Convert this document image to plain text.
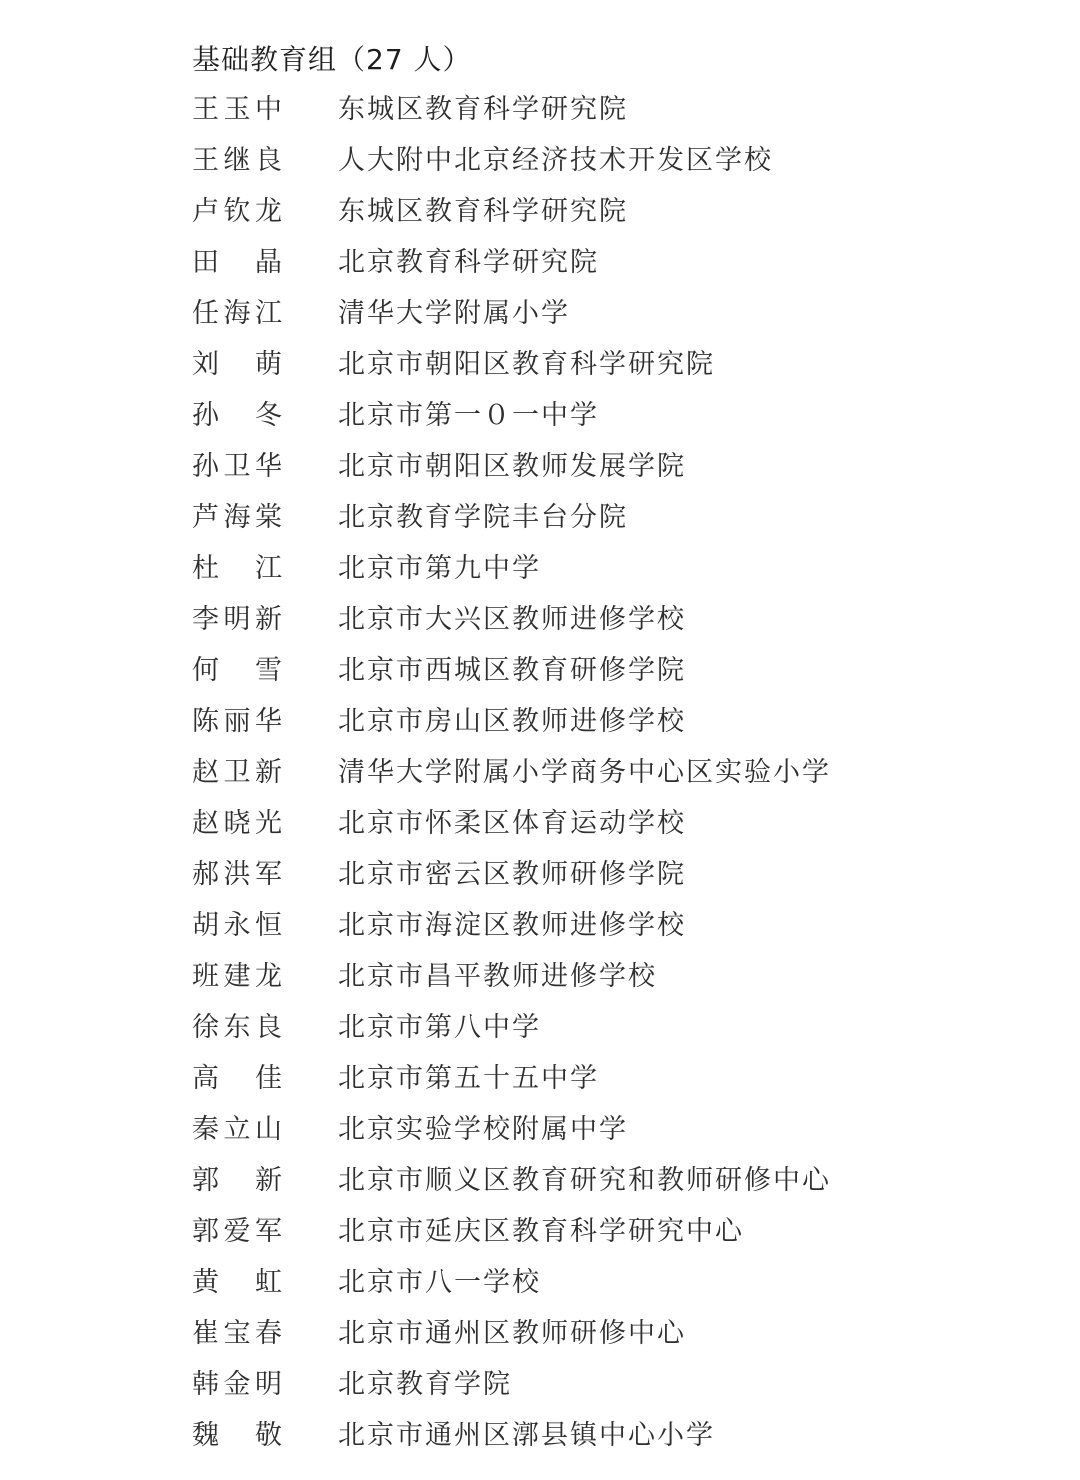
基础教育组（27 人）
王玉中 东城区教育科学研究院
王继良 人大附中北京经济技术开发区学校
卢钦龙 东城区教育科学研究院
田　晶 北京教育科学研究院
任海江 清华大学附属小学
刘　萌 北京市朝阳区教育科学研究院
孙　冬 北京市第一０一中学
孙卫华 北京市朝阳区教师发展学院
芦海棠 北京教育学院丰台分院
杜　江 北京市第九中学
李明新 北京市大兴区教师进修学校
何　雪 北京市西城区教育研修学院
陈丽华 北京市房山区教师进修学校
赵卫新 清华大学附属小学商务中心区实验小学
赵晓光 北京市怀柔区体育运动学校
郝洪军 北京市密云区教师研修学院
胡永恒 北京市海淀区教师进修学校
班建龙 北京市昌平教师进修学校
徐东良 北京市第八中学
高　佳 北京市第五十五中学
秦立山 北京实验学校附属中学
郭　新 北京市顺义区教育研究和教师研修中心
郭爱军 北京市延庆区教育科学研究中心
黄　虹 北京市八一学校
崔宝春 北京市通州区教师研修中心
韩金明 北京教育学院
魏　敬 北京市通州区漷县镇中心小学
